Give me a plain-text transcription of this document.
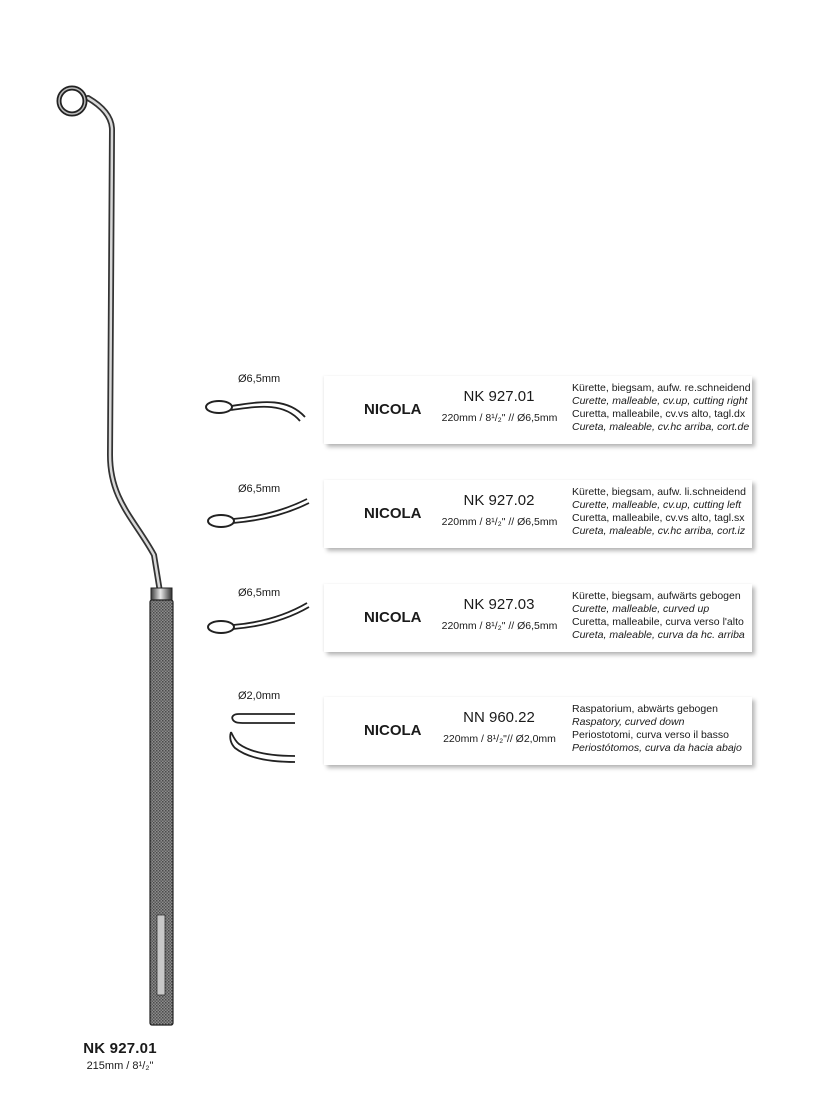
NK 927.01
215mm / 8¹/₂"
Ø6,5mm
Ø6,5mm
Ø6,5mm
Ø2,0mm
NICOLA
NK 927.01
220mm / 8¹/₂" // Ø6,5mm
Kürette, biegsam, aufw. re.schneidend
Curette, malleable, cv.up, cutting right
Curetta, malleabile, cv.vs alto, tagl.dx
Cureta, maleable, cv.hc arriba, cort.de
NICOLA
NK 927.02
220mm / 8¹/₂" // Ø6,5mm
Kürette, biegsam, aufw. li.schneidend
Curette, malleable, cv.up, cutting left
Curetta, malleabile, cv.vs alto, tagl.sx
Cureta, maleable, cv.hc arriba, cort.iz
NICOLA
NK 927.03
220mm / 8¹/₂" // Ø6,5mm
Kürette, biegsam, aufwärts gebogen
Curette, malleable, curved up
Curetta, malleabile, curva verso l'alto
Cureta, maleable, curva da hc. arriba
NICOLA
NN 960.22
220mm / 8¹/₂"// Ø2,0mm
Raspatorium, abwärts gebogen
Raspatory, curved down
Periostotomi, curva verso il basso
Periostótomos, curva da hacia abajo
